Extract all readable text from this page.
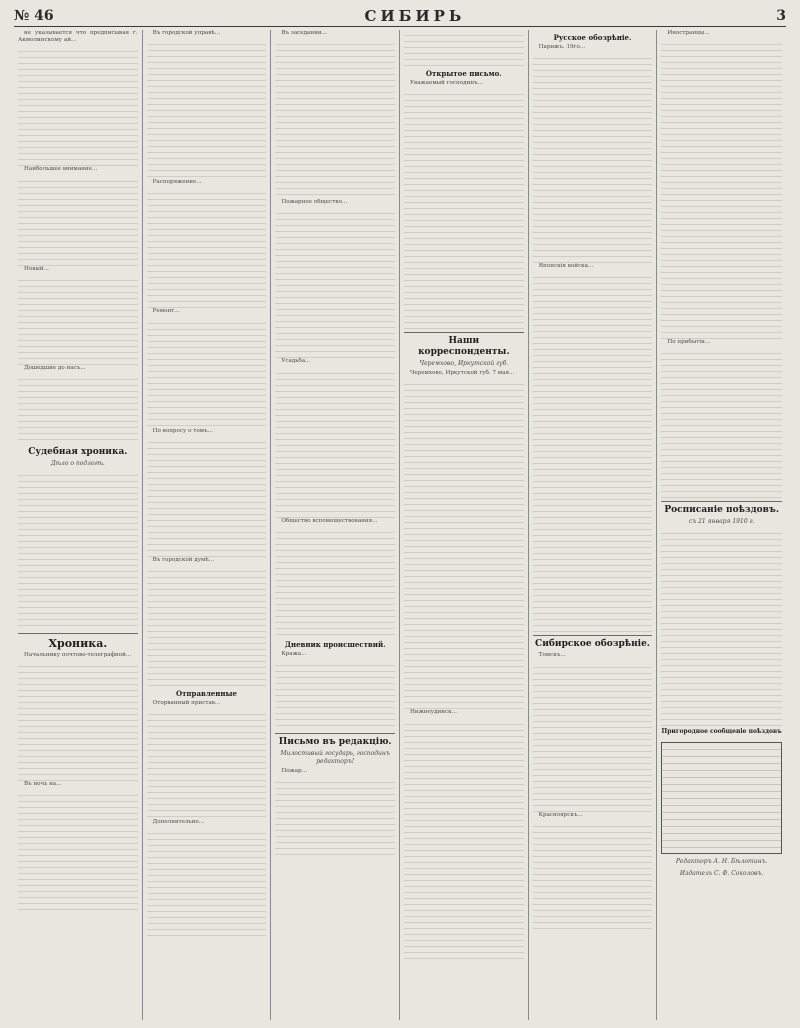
№ 46	СИБИРЬ	3

не указывается что предписывая г. Акмолинскому ай...

Наибольшее внимание...

Новый...

Дошедшие до насъ...

Судебная хроника.
Дѣло о подлогѣ.
Хроника.

Начальнику почтово-телеграфной...

Въ ночь на...

Въ городской управѣ...

Распоряжение...

Ремонт...

По вопросу о томъ...

Въ городской думѣ...

Отправленные

Оторванный пристав...

Дополнительно...

Въ заседании...

Пожарное общество...

Усадьба...

Общество вспомоществования...

Дневник происшествий.

Кража...

Письмо въ редакцію.
Милостивый государь, господинъ редакторъ!

Пожар...

Открытое письмо.

Уважаемый господинъ...

Наши корреспонденты.
Черемхово, Иркутской губ.

Черемхово, Иркутской губ. 7 мая...

Нижнеудинск...

Русское обозрѣніе.

Парижъ. 19го...

Японскія войска...

Сибирское обозрѣніе.

Томскъ...

Красноярскъ...

Иностранцы...

По прибытіи...

Росписаніе поѣздовъ.
съ 21 января 1910 г.
Пригородное сообщеніе поѣздовъ
Редакторъ А. Н. Бѣлотинъ.
Издатель С. Ф. Соколовъ.
